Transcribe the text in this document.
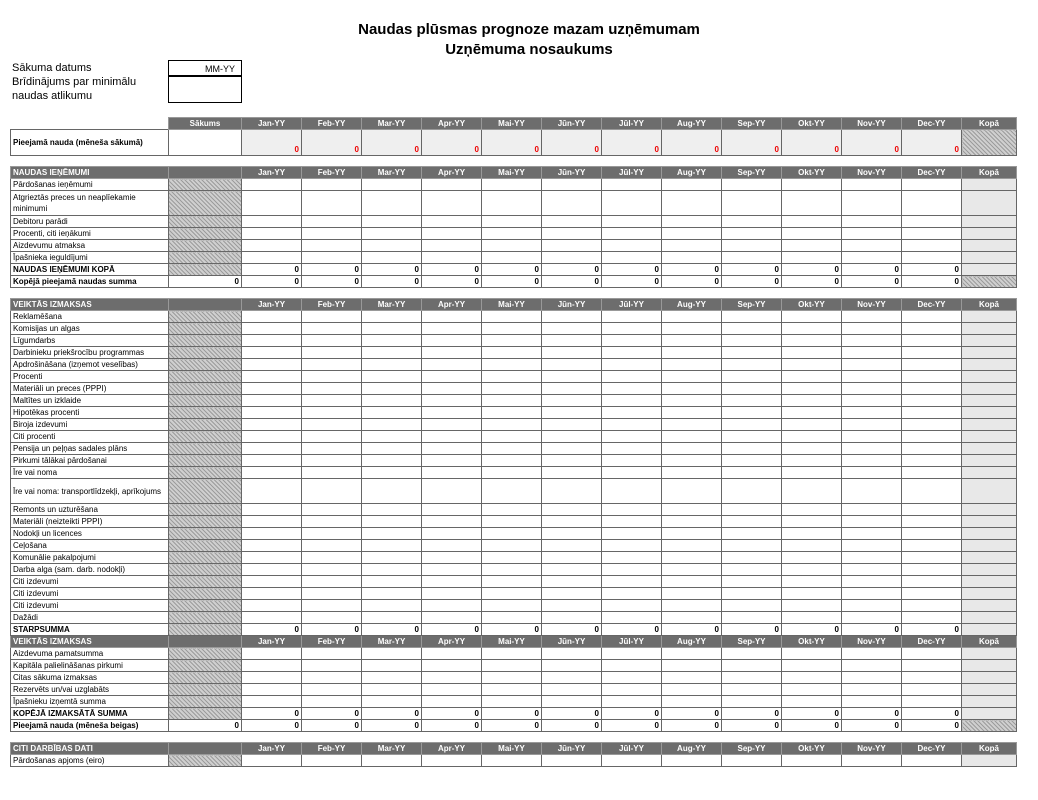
Naudas plūsmas prognoze mazam uzņēmumam
Uzņēmuma nosaukums
Sākuma datums	MM-YY
Brīdinājums par minimālu naudas atlikumu
	Sākums	Jan-YY	Feb-YY	Mar-YY	Apr-YY	Mai-YY	Jūn-YY	Jūl-YY	Aug-YY	Sep-YY	Okt-YY	Nov-YY	Dec-YY	Kopā
Pieejamā nauda (mēneša sākumā)		0	0	0	0	0	0	0	0	0	0	0	0	

NAUDAS IEŅĒMUMI		Jan-YY	Feb-YY	Mar-YY	Apr-YY	Mai-YY	Jūn-YY	Jūl-YY	Aug-YY	Sep-YY	Okt-YY	Nov-YY	Dec-YY	Kopā
Pārdošanas ieņēmumi														
Atgrieztās preces un neaplīekamie minimumi														
Debitoru parādi														
Procenti, citi ieņākumi														
Aizdevumu atmaksa														
Īpašnieka ieguldījumi														
NAUDAS IEŅĒMUMI KOPĀ		0	0	0	0	0	0	0	0	0	0	0	0	
Kopējā pieejamā naudas summa	0	0	0	0	0	0	0	0	0	0	0	0	0	

VEIKTĀS IZMAKSAS		Jan-YY	Feb-YY	Mar-YY	Apr-YY	Mai-YY	Jūn-YY	Jūl-YY	Aug-YY	Sep-YY	Okt-YY	Nov-YY	Dec-YY	Kopā
Reklamēšana														
Komisijas un algas														
Līgumdarbs														
Darbinieku priekšrocību programmas														
Apdrošināšana (izņemot veselības)														
Procenti														
Materiāli un preces (PPPI)														
Maltītes un izklaide														
Hipotēkas procenti														
Biroja izdevumi														
Citi procenti														
Pensija un peļņas sadales plāns														
Pirkumi tālākai pārdošanai														
Īre vai noma														
Īre vai noma: transportlīdzekļi, aprīkojums														
Remonts un uzturēšana														
Materiāli (neizteikti PPPI)														
Nodokļi un licences														
Ceļošana														
Komunālie pakalpojumi														
Darba alga (sam. darb. nodokļi)														
Citi izdevumi														
Citi izdevumi														
Citi izdevumi														
Dažādi														
STARPSUMMA		0	0	0	0	0	0	0	0	0	0	0	0	
VEIKTĀS IZMAKSAS		Jan-YY	Feb-YY	Mar-YY	Apr-YY	Mai-YY	Jūn-YY	Jūl-YY	Aug-YY	Sep-YY	Okt-YY	Nov-YY	Dec-YY	Kopā
Aizdevuma pamatsumma														
Kapitāla palielināšanas pirkumi														
Citas sākuma izmaksas														
Rezervēts un/vai uzglabāts														
Īpašnieku izņemtā summa														
KOPĒJĀ IZMAKSĀTĀ SUMMA		0	0	0	0	0	0	0	0	0	0	0	0	
Pieejamā nauda (mēneša beigas)	0	0	0	0	0	0	0	0	0	0	0	0	0	

CITI DARBĪBAS DATI		Jan-YY	Feb-YY	Mar-YY	Apr-YY	Mai-YY	Jūn-YY	Jūl-YY	Aug-YY	Sep-YY	Okt-YY	Nov-YY	Dec-YY	Kopā
Pārdošanas apjoms (eiro)														
